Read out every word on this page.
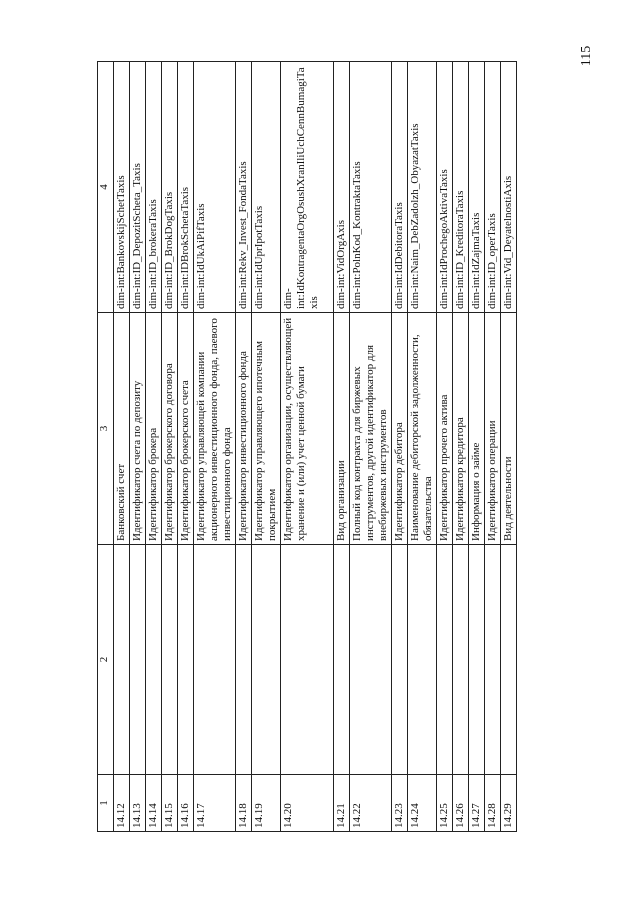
115
1	2	3	4
14.12		Банковский счет	dim-int:BankovskijSchetTaxis
14.13		Идентификатор счета по депозиту	dim-int:ID_DepozitScheta_Taxis
14.14		Идентификатор брокера	dim-int:ID_brokeraTaxis
14.15		Идентификатор брокерского договора	dim-int:ID_BrokDogTaxis
14.16		Идентификатор брокерского счета	dim-int:IDBrokSchetaTaxis
14.17		Идентификатор управляющей компании акционерного инвестиционного фонда, паевого инвестиционного фонда	dim-int:IdUkAiPifTaxis
14.18		Идентификатор инвестиционного фонда	dim-int:Rekv_Invest_FondaTaxis
14.19		Идентификатор управляющего ипотечным покрытием	dim-int:IdUprIpotTaxis
14.20		Идентификатор организации, осуществляющей хранение и (или) учет ценной бумаги	dim-int:IdKontragentaOrgOsushXranIliUchCennBumagiTaxis
14.21		Вид организации	dim-int:VidOrgAxis
14.22		Полный код контракта для биржевых инструментов, другой идентификатор для внебиржевых инструментов	dim-int:PolnKod_KontraktaTaxis
14.23		Идентификатор дебитора	dim-int:IdDebitoraTaxis
14.24		Наименование дебиторской задолженности, обязательства	dim-int:Naim_DebZadolzh_ObyazatTaxis
14.25		Идентификатор прочего актива	dim-int:IdProchegoAktivaTaxis
14.26		Идентификатор кредитора	dim-int:ID_KreditoraTaxis
14.27		Информация о займе	dim-int:IdZajmaTaxis
14.28		Идентификатор операции	dim-int:ID_operTaxis
14.29		Вид деятельности	dim-int:Vid_DeyatelnostiAxis
